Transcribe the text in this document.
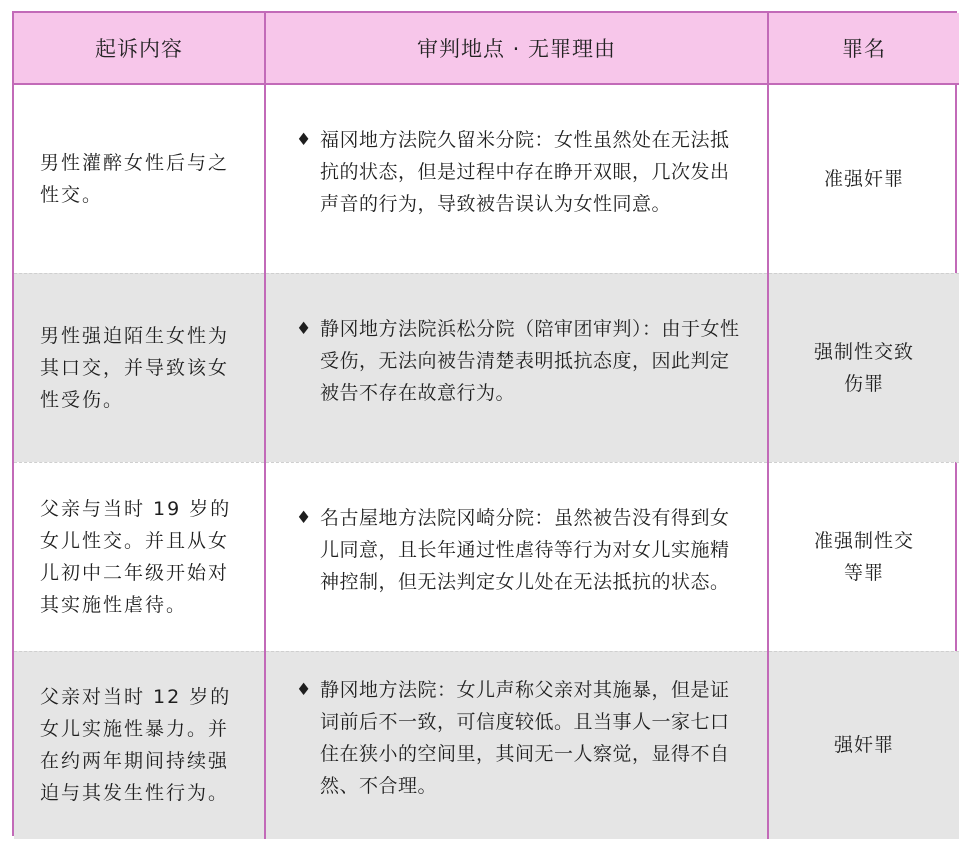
起诉内容	审判地点 · 无罪理由	罪名
男性灌醉女性后与之性交。	♦ 福冈地方法院久留米分院：女性虽然处在无法抵抗的状态，但是过程中存在睁开双眼，几次发出声音的行为，导致被告误认为女性同意。	准强奸罪
男性强迫陌生女性为其口交，并导致该女性受伤。	♦ 静冈地方法院浜松分院（陪审团审判）：由于女性受伤，无法向被告清楚表明抵抗态度，因此判定被告不存在故意行为。	强制性交致伤罪
父亲与当时 19 岁的女儿性交。并且从女儿初中二年级开始对其实施性虐待。	♦ 名古屋地方法院冈崎分院：虽然被告没有得到女儿同意，且长年通过性虐待等行为对女儿实施精神控制，但无法判定女儿处在无法抵抗的状态。	准强制性交等罪
父亲对当时 12 岁的女儿实施性暴力。并在约两年期间持续强迫与其发生性行为。	♦ 静冈地方法院：女儿声称父亲对其施暴，但是证词前后不一致，可信度较低。且当事人一家七口住在狭小的空间里，其间无一人察觉，显得不自然、不合理。	强奸罪
